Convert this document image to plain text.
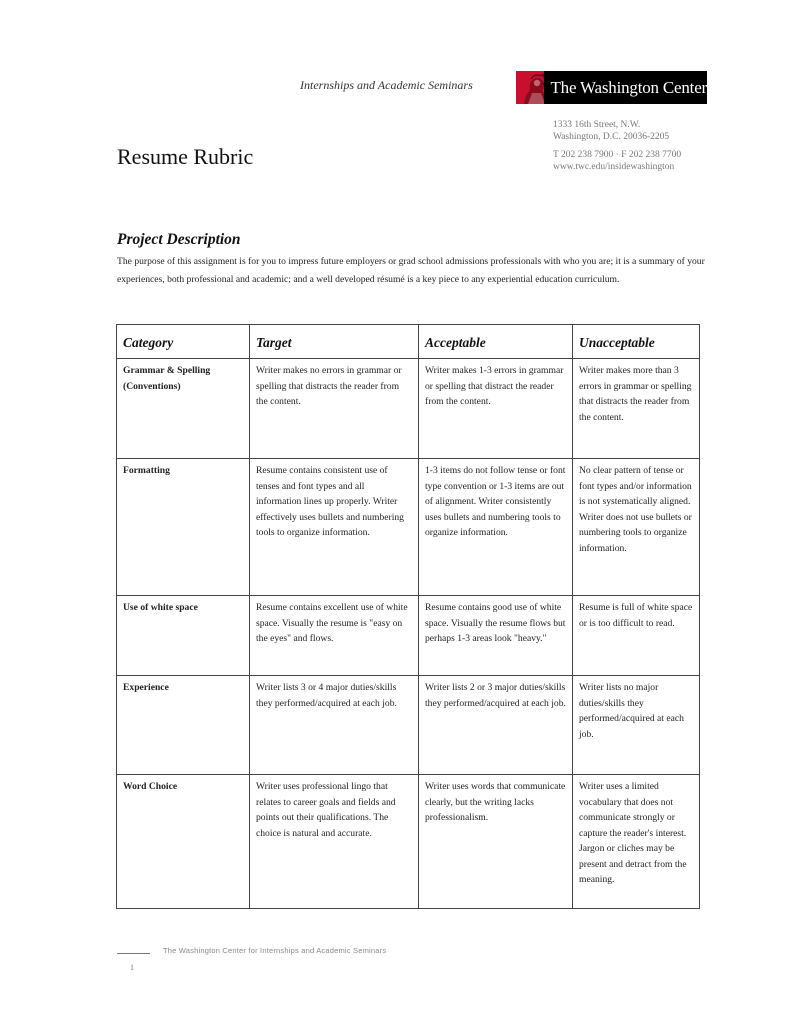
Internships and Academic Seminars	The Washington Center
1333 16th Street, N.W.
Washington, D.C. 20036-2205
T 202 238 7900 · F 202 238 7700
www.twc.edu/insidewashington
Resume Rubric
Project Description
The purpose of this assignment is for you to impress future employers or grad school admissions professionals with who you are; it is a summary of your experiences, both professional and academic; and a well developed résumé is a key piece to any experiential education curriculum.
Category	Target	Acceptable	Unacceptable
Grammar & Spelling (Conventions)	Writer makes no errors in grammar or spelling that distracts the reader from the content.	Writer makes 1-3 errors in grammar or spelling that distract the reader from the content.	Writer makes more than 3 errors in grammar or spelling that distracts the reader from the content.
Formatting	Resume contains consistent use of tenses and font types and all information lines up properly. Writer effectively uses bullets and numbering tools to organize information.	1-3 items do not follow tense or font type convention or 1-3 items are out of alignment. Writer consistently uses bullets and numbering tools to organize information.	No clear pattern of tense or font types and/or information is not systematically aligned. Writer does not use bullets or numbering tools to organize information.
Use of white space	Resume contains excellent use of white space. Visually the resume is "easy on the eyes" and flows.	Resume contains good use of white space. Visually the resume flows but perhaps 1-3 areas look "heavy."	Resume is full of white space or is too difficult to read.
Experience	Writer lists 3 or 4 major duties/skills they performed/acquired at each job.	Writer lists 2 or 3 major duties/skills they performed/acquired at each job.	Writer lists no major duties/skills they performed/acquired at each job.
Word Choice	Writer uses professional lingo that relates to career goals and fields and points out their qualifications. The choice is natural and accurate.	Writer uses words that communicate clearly, but the writing lacks professionalism.	Writer uses a limited vocabulary that does not communicate strongly or capture the reader's interest. Jargon or cliches may be present and detract from the meaning.
The Washington Center for Internships and Academic Seminars
1
